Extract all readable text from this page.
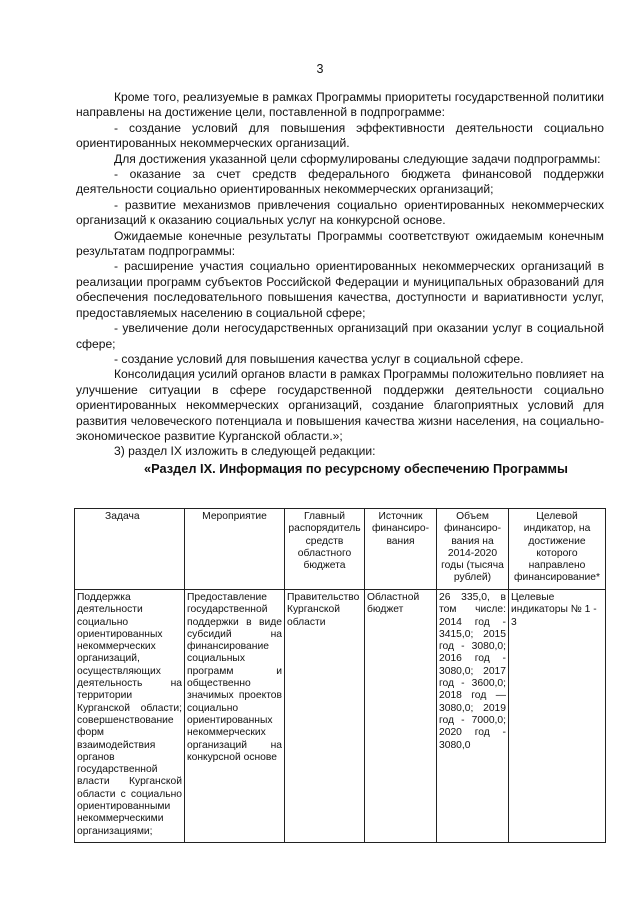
3

Кроме того, реализуемые в рамках Программы приоритеты государственной политики направлены на достижение цели, поставленной в подпрограмме:

- создание условий для повышения эффективности деятельности социально ориентированных некоммерческих организаций.

Для достижения указанной цели сформулированы следующие задачи подпрограммы:

- оказание за счет средств федерального бюджета финансовой поддержки деятельности социально ориентированных некоммерческих организаций;

- развитие механизмов привлечения социально ориентированных некоммерческих организаций к оказанию социальных услуг на конкурсной основе.

Ожидаемые конечные результаты Программы соответствуют ожидаемым конечным результатам подпрограммы:

- расширение участия социально ориентированных некоммерческих организаций в реализации программ субъектов Российской Федерации и муниципальных образований для обеспечения последовательного повышения качества, доступности и вариативности услуг, предоставляемых населению в социальной сфере;

- увеличение доли негосударственных организаций при оказании услуг в социальной сфере;

- создание условий для повышения качества услуг в социальной сфере.

Консолидация усилий органов власти в рамках Программы положительно повлияет на улучшение ситуации в сфере государственной поддержки деятельности социально ориентированных некоммерческих организаций, создание благоприятных условий для развития человеческого потенциала и повышения качества жизни населения, на социально-экономическое развитие Курганской области.»;

3) раздел IX изложить в следующей редакции:

«Раздел IX. Информация по ресурсному обеспечению Программы

Задача	Мероприятие	Главный распорядитель средств областного бюджета	Источник финансиро-вания	Объем финансиро-вания на 2014-2020 годы (тысяча рублей)	Целевой индикатор, на достижение которого направлено финансирование*
Поддержка деятельности социально ориентированных некоммерческих организаций, осуществляющих деятельность на территории Курганской области; совершенствование форм взаимодействия органов государственной власти Курганской области с социально ориентированными некоммерческими организациями;	Предоставление государственной поддержки в виде субсидий на финансирование социальных программ и общественно значимых проектов социально ориентированных некоммерческих организаций на конкурсной основе	Правительство Курганской области	Областной бюджет	26 335,0, в том числе: 2014 год - 3415,0; 2015 год - 3080,0; 2016 год - 3080,0; 2017 год - 3600,0; 2018 год — 3080,0; 2019 год - 7000,0; 2020 год - 3080,0	Целевые индикаторы № 1 - 3
